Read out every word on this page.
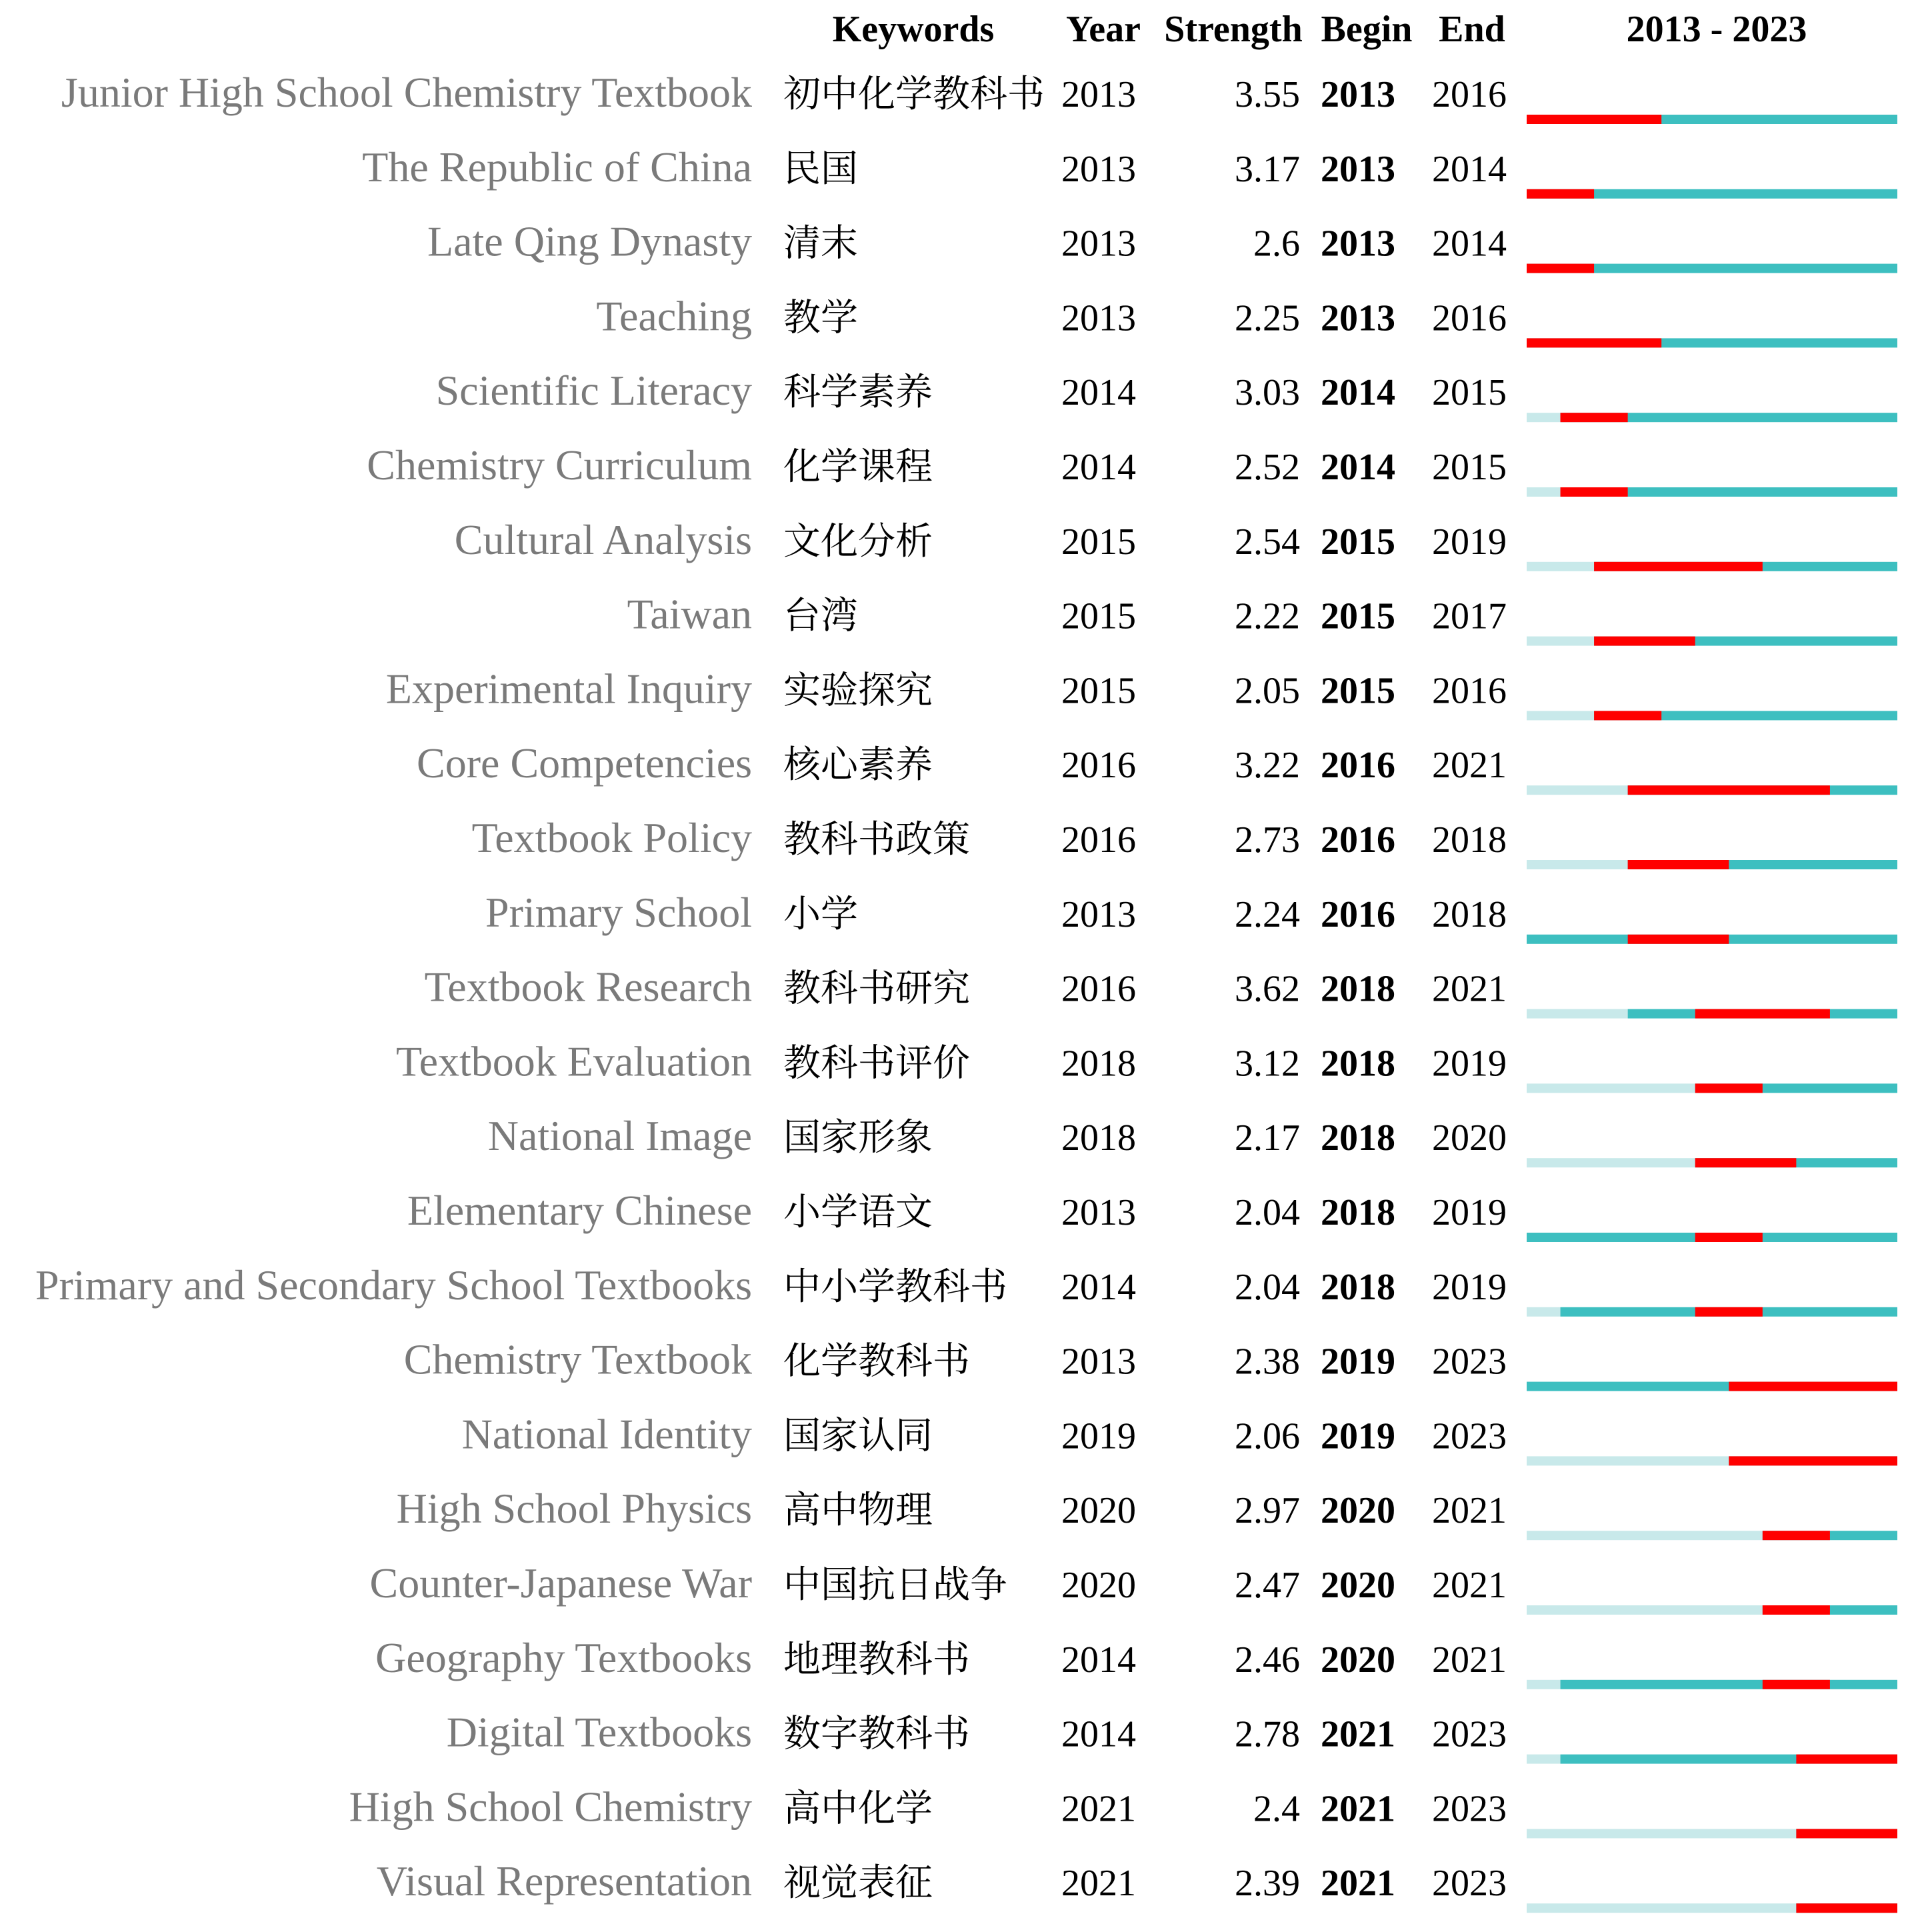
Keywords Year Strength Begin End	2013 - 2023
Junior High School Chemistry Textbook 初中化学教科书 2013	3.55 2013 2016
The Republic of China 民国	2013	3.17 2013 2014
Late Qing Dynasty 清末	2013	2.6 2013 2014
Teaching 教学	2013	2.25 2013 2016
Scientific Literacy 科学素养	2014	3.03 2014 2015
Chemistry Curriculum 化学课程	2014	2.52 2014 2015
Cultural Analysis 文化分析	2015	2.54 2015 2019
Taiwan 台湾	2015	2.22 2015 2017
Experimental Inquiry 实验探究	2015	2.05 2015 2016
Core Competencies 核心素养	2016	3.22 2016 2021
Textbook Policy 教科书政策 2016	2.73 2016 2018
Primary School 小学	2013	2.24 2016 2018
Textbook Research 教科书研究 2016	3.62 2018 2021
Textbook Evaluation 教科书评价 2018	3.12 2018 2019
National Image 国家形象	2018	2.17 2018 2020
Elementary Chinese 小学语文	2013	2.04 2018 2019
Primary and Secondary School Textbooks 中小学教科书 2014	2.04 2018 2019
Chemistry Textbook 化学教科书 2013	2.38 2019 2023
National Identity 国家认同	2019	2.06 2019 2023
High School Physics 高中物理	2020	2.97 2020 2021
Counter-Japanese War 中国抗日战争 2020	2.47 2020 2021
Geography Textbooks 地理教科书 2014	2.46 2020 2021
Digital Textbooks 数字教科书 2014	2.78 2021 2023
High School Chemistry 高中化学	2021	2.4 2021 2023
Visual Representation 视觉表征	2021	2.39 2021 2023
